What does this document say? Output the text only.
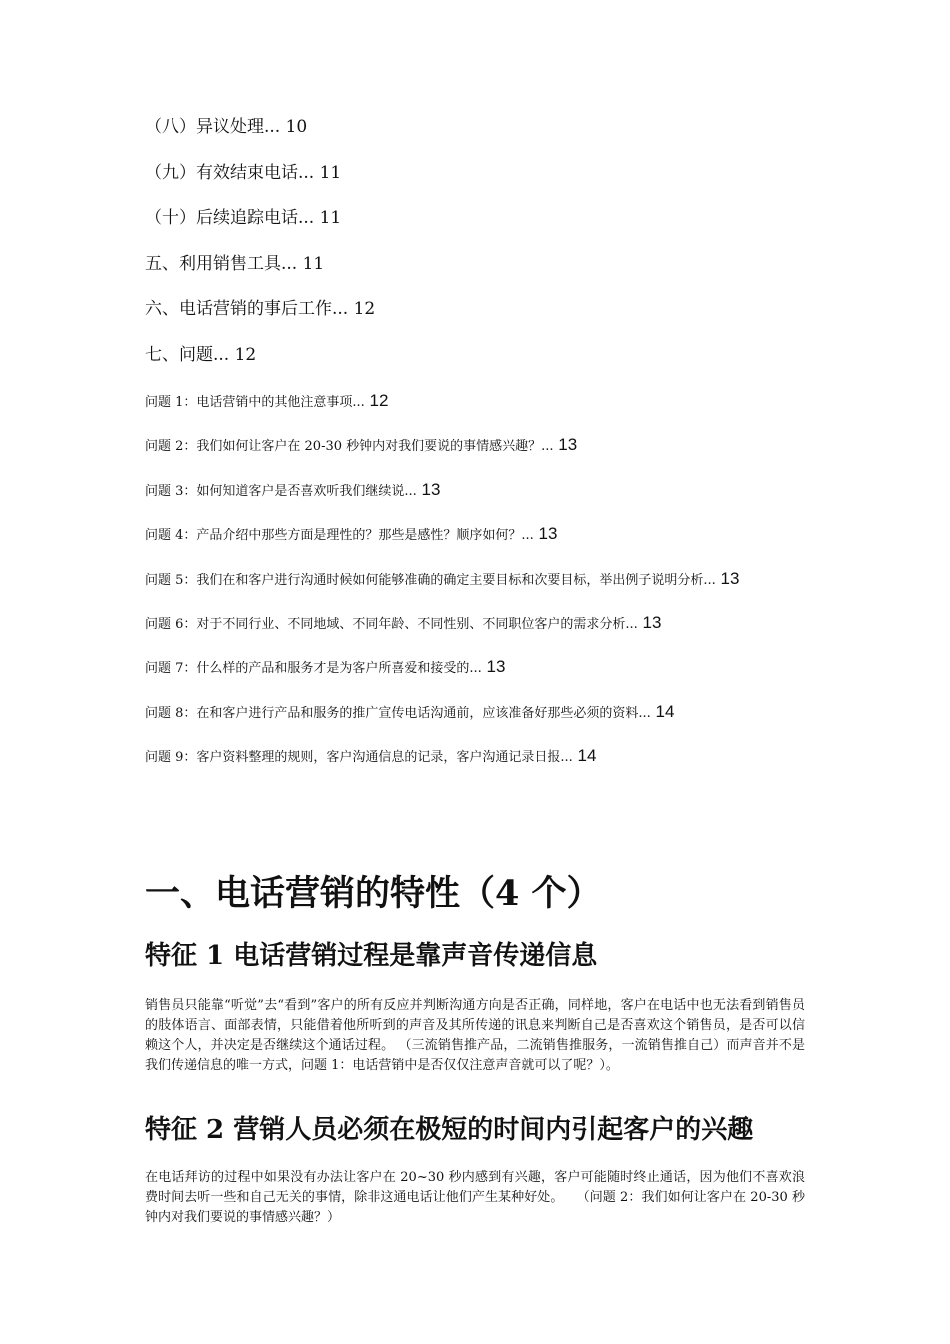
（八）异议处理... 10
（九）有效结束电话... 11
（十）后续追踪电话... 11
五、利用销售工具... 11
六、电话营销的事后工作... 12
七、问题... 12
问题 1：电话营销中的其他注意事项... 12
问题 2：我们如何让客户在 20-30 秒钟内对我们要说的事情感兴趣？... 13
问题 3：如何知道客户是否喜欢听我们继续说... 13
问题 4：产品介绍中那些方面是理性的？那些是感性？顺序如何？... 13
问题 5：我们在和客户进行沟通时候如何能够准确的确定主要目标和次要目标，举出例子说明分析... 13
问题 6：对于不同行业、不同地域、不同年龄、不同性别、不同职位客户的需求分析... 13
问题 7：什么样的产品和服务才是为客户所喜爱和接受的... 13
问题 8：在和客户进行产品和服务的推广宣传电话沟通前，应该准备好那些必须的资料... 14
问题 9：客户资料整理的规则，客户沟通信息的记录，客户沟通记录日报... 14
一、电话营销的特性（4 个）
特征 1 电话营销过程是靠声音传递信息
销售员只能靠“听觉”去“看到”客户的所有反应并判断沟通方向是否正确，同样地，客户在电话中也无法看到销售员的肢体语言、面部表情，只能借着他所听到的声音及其所传递的讯息来判断自己是否喜欢这个销售员，是否可以信赖这个人，并决定是否继续这个通话过程。 （三流销售推产品，二流销售推服务，一流销售推自己）而声音并不是我们传递信息的唯一方式，问题 1：电话营销中是否仅仅注意声音就可以了呢？）。
特征 2 营销人员必须在极短的时间内引起客户的兴趣
在电话拜访的过程中如果没有办法让客户在 20~30 秒内感到有兴趣，客户可能随时终止通话，因为他们不喜欢浪费时间去听一些和自己无关的事情，除非这通电话让他们产生某种好处。　　（问题 2：我们如何让客户在 20-30 秒钟内对我们要说的事情感兴趣？）
